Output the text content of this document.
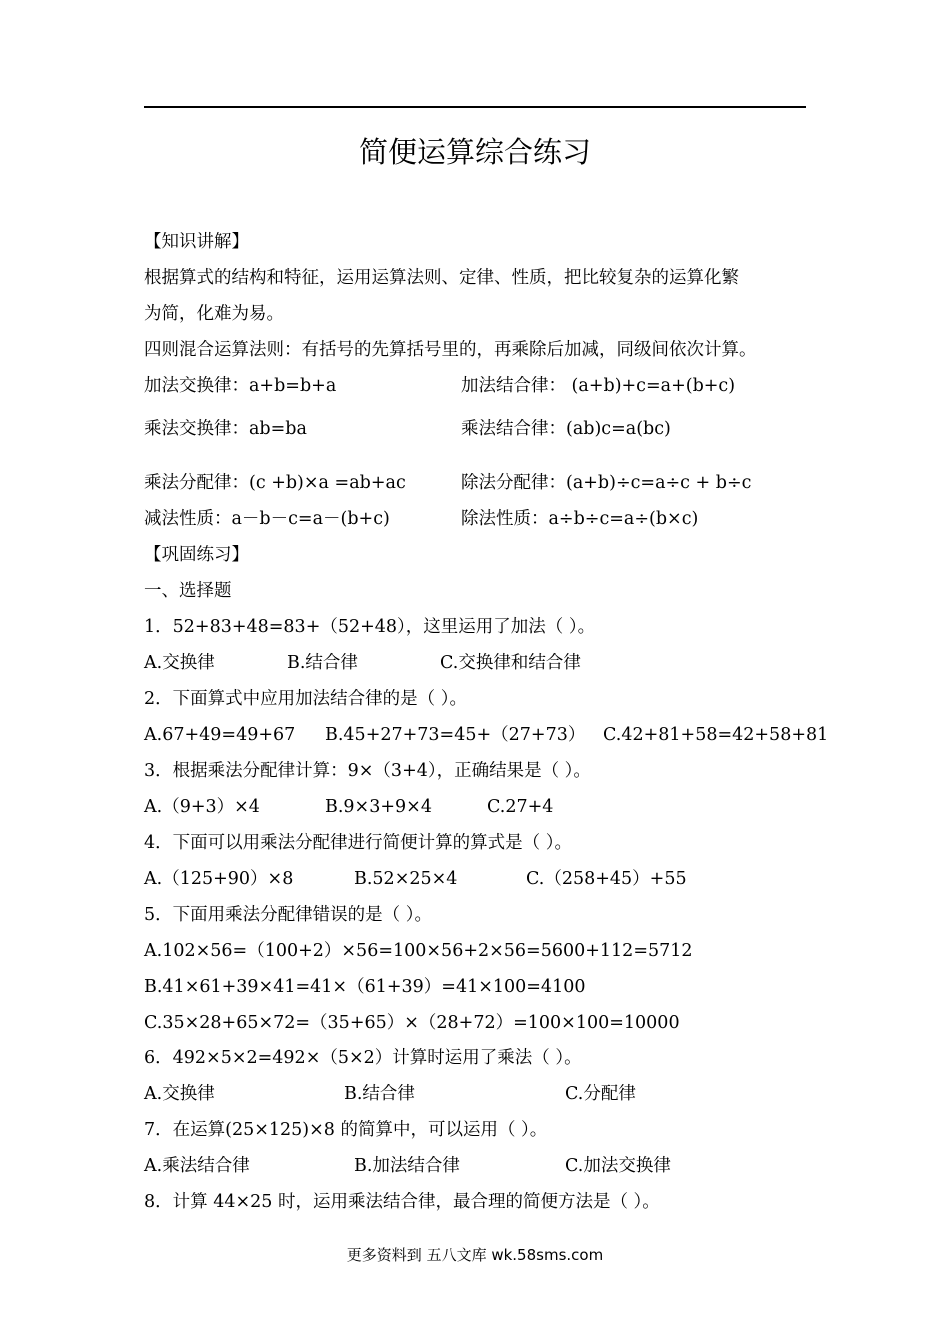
简便运算综合练习
【知识讲解】
根据算式的结构和特征，运用运算法则、定律、性质，把比较复杂的运算化繁
为简，化难为易。
四则混合运算法则：有括号的先算括号里的，再乘除后加减，同级间依次计算。
加法交换律：a+b=b+a	加法结合律： (a+b)+c=a+(b+c)
乘法交换律：ab=ba	乘法结合律：(ab)c=a(bc)
乘法分配律：(c +b)×a =ab+ac	除法分配律：(a+b)÷c=a÷c + b÷c
减法性质：a－b－c=a－(b+c)	除法性质：a÷b÷c=a÷(b×c)
【巩固练习】
一、选择题
1．52+83+48=83+（52+48），这里运用了加法（ ）。
A.交换律	B.结合律	C.交换律和结合律
2．下面算式中应用加法结合律的是（ ）。
A.67+49=49+67 B.45+27+73=45+（27+73） C.42+81+58=42+58+81
3．根据乘法分配律计算：9×（3+4），正确结果是（ ）。
A.（9+3）×4	B.9×3+9×4	C.27+4
4．下面可以用乘法分配律进行简便计算的算式是（ ）。
A.（125+90）×8	B.52×25×4	C.（258+45）+55
5．下面用乘法分配律错误的是（ ）。
A.102×56=（100+2）×56=100×56+2×56=5600+112=5712
B.41×61+39×41=41×（61+39）=41×100=4100
C.35×28+65×72=（35+65）×（28+72）=100×100=10000
6．492×5×2=492×（5×2）计算时运用了乘法（ ）。
A.交换律	B.结合律	C.分配律
7．在运算(25×125)×8 的简算中，可以运用（ ）。
A.乘法结合律	B.加法结合律	C.加法交换律
8．计算 44×25 时，运用乘法结合律，最合理的简便方法是（ ）。
更多资料到 五八文库 wk.58sms.com
